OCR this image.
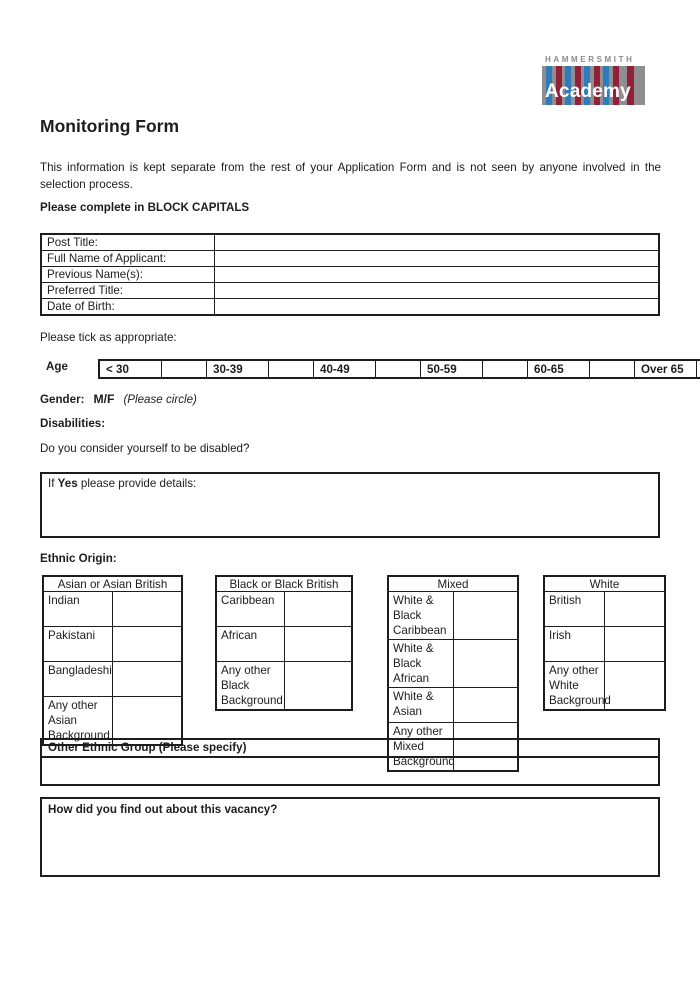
HAMMERSMITH
Academy
Monitoring Form
This information is kept separate from the rest of your Application Form and is not seen by anyone involved in the selection process.
Please complete in BLOCK CAPITALS
Post Title:	
Full Name of Applicant:	
Previous Name(s):	
Preferred Title:	
Date of Birth:	
Please tick as appropriate:
Age	< 30		30-39		40-49		50-59		60-65		Over 65	
Gender: M/F (Please circle)
Disabilities:
Do you consider yourself to be disabled?
If Yes please provide details:
Ethnic Origin:
Asian or Asian British	
Indian	
Pakistani	
Bangladeshi	
Any other Asian Background	
Black or Black British	
Caribbean	
African	
Any other Black Background	
Mixed	
White & Black Caribbean	
White & Black African	
White & Asian	
Any other Mixed Background	
White	
British	
Irish	
Any other White Background	
Other Ethnic Group (Please specify)
How did you find out about this vacancy?
